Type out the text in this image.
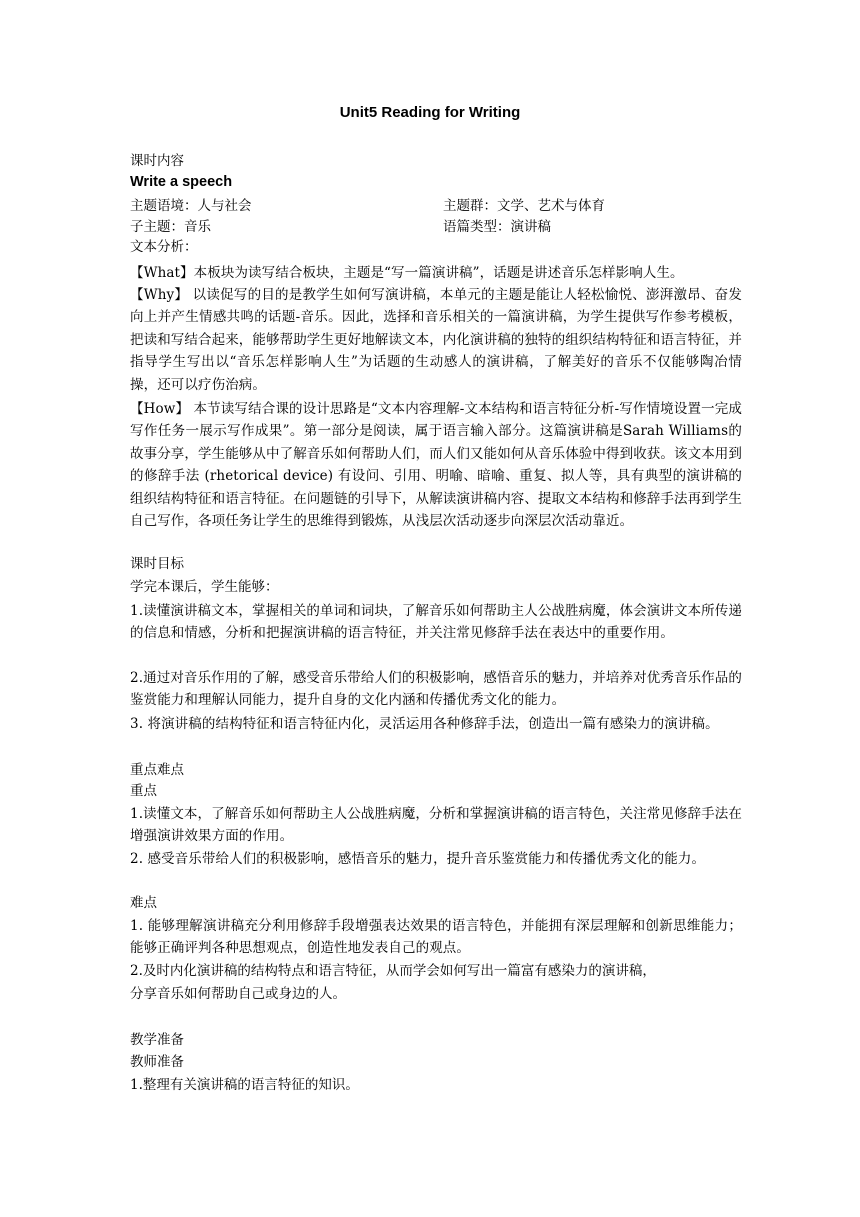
Unit5 Reading for Writing
课时内容
Write a speech
主题语境：人与社会	主题群：文学、艺术与体育
子主题：音乐	语篇类型：演讲稿
文本分析：
【What】本板块为读写结合板块，主题是“写一篇演讲稿”，话题是讲述音乐怎样影响人生。
【Why】 以读促写的目的是教学生如何写演讲稿，本单元的主题是能让人轻松愉悦、澎湃激昂、奋发向上并产生情感共鸣的话题-音乐。因此，选择和音乐相关的一篇演讲稿，为学生提供写作参考模板，把读和写结合起来，能够帮助学生更好地解读文本，内化演讲稿的独特的组织结构特征和语言特征，并指导学生写出以“音乐怎样影响人生”为话题的生动感人的演讲稿，了解美好的音乐不仅能够陶冶情操，还可以疗伤治病。
【How】 本节读写结合课的设计思路是“文本内容理解-文本结构和语言特征分析-写作情境设置一完成写作任务一展示写作成果”。第一部分是阅读，属于语言输入部分。这篇演讲稿是Sarah Williams的故事分享，学生能够从中了解音乐如何帮助人们，而人们又能如何从音乐体验中得到收获。该文本用到的修辞手法 (rhetorical device) 有设问、引用、明喻、暗喻、重复、拟人等，具有典型的演讲稿的组织结构特征和语言特征。在问题链的引导下，从解读演讲稿内容、提取文本结构和修辞手法再到学生自己写作，各项任务让学生的思维得到锻炼，从浅层次活动逐步向深层次活动靠近。
课时目标
学完本课后，学生能够：
1.读懂演讲稿文本，掌握相关的单词和词块，了解音乐如何帮助主人公战胜病魔，体会演讲文本所传递的信息和情感，分析和把握演讲稿的语言特征，并关注常见修辞手法在表达中的重要作用。
2.通过对音乐作用的了解，感受音乐带给人们的积极影响，感悟音乐的魅力，并培养对优秀音乐作品的鉴赏能力和理解认同能力，提升自身的文化内涵和传播优秀文化的能力。
3. 将演讲稿的结构特征和语言特征内化，灵活运用各种修辞手法，创造出一篇有感染力的演讲稿。
重点难点
重点
1.读懂文本，了解音乐如何帮助主人公战胜病魔，分析和掌握演讲稿的语言特色，关注常见修辞手法在增强演讲效果方面的作用。
2. 感受音乐带给人们的积极影响，感悟音乐的魅力，提升音乐鉴赏能力和传播优秀文化的能力。
难点
1. 能够理解演讲稿充分利用修辞手段增强表达效果的语言特色，并能拥有深层理解和创新思维能力；能够正确评判各种思想观点，创造性地发表自己的观点。
2.及时内化演讲稿的结构特点和语言特征，从而学会如何写出一篇富有感染力的演讲稿，
分享音乐如何帮助自己或身边的人。
教学准备
教师准备
1.整理有关演讲稿的语言特征的知识。
